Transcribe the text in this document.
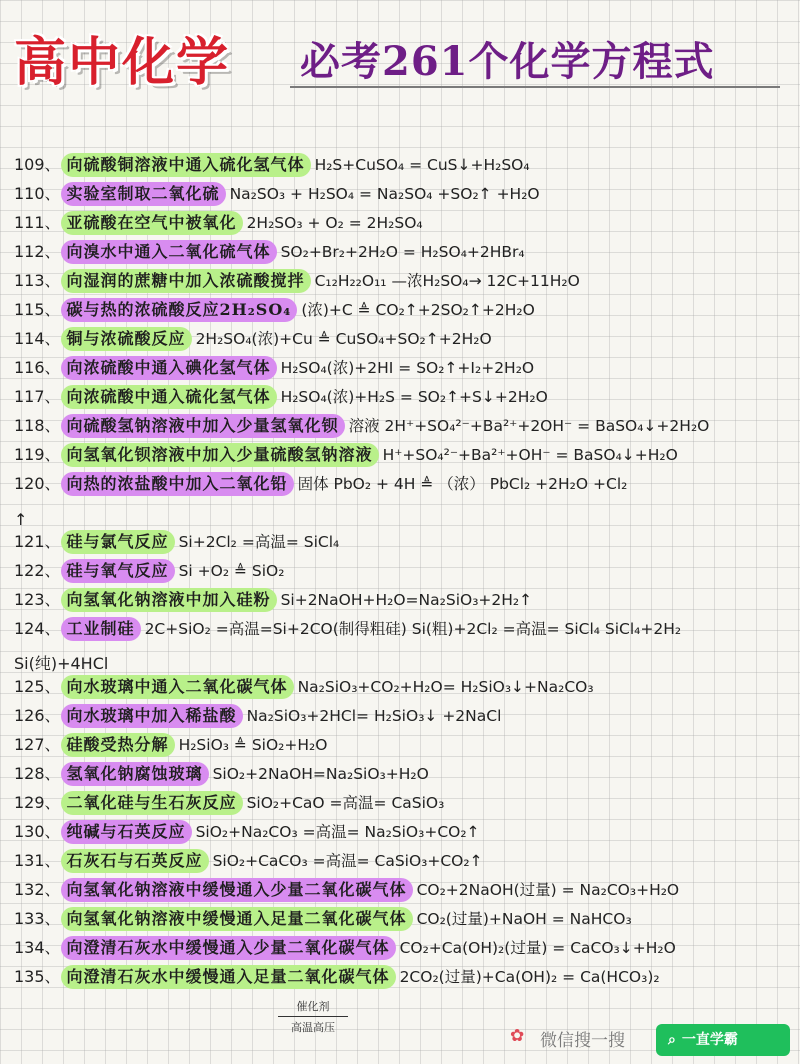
高中化学 必考261个化学方程式
109、 向硫酸铜溶液中通入硫化氢气体 H₂S+CuSO₄ = CuS↓+H₂SO₄
110、 实验室制取二氧化硫 Na₂SO₃ + H₂SO₄ = Na₂SO₄ +SO₂↑ +H₂O
111、 亚硫酸在空气中被氧化 2H₂SO₃ + O₂ = 2H₂SO₄
112、 向溴水中通入二氧化硫气体 SO₂+Br₂+2H₂O = H₂SO₄+2HBr₄
113、 向湿润的蔗糖中加入浓硫酸搅拌 C₁₂H₂₂O₁₁ —浓H₂SO₄→ 12C+11H₂O
115、 碳与热的浓硫酸反应2H₂SO₄ (浓)+C ≜ CO₂↑+2SO₂↑+2H₂O
114、 铜与浓硫酸反应 2H₂SO₄(浓)+Cu ≜ CuSO₄+SO₂↑+2H₂O
116、 向浓硫酸中通入碘化氢气体 H₂SO₄(浓)+2HI = SO₂↑+I₂+2H₂O
117、 向浓硫酸中通入硫化氢气体 H₂SO₄(浓)+H₂S = SO₂↑+S↓+2H₂O
118、 向硫酸氢钠溶液中加入少量氢氧化钡 溶液 2H⁺+SO₄²⁻+Ba²⁺+2OH⁻ = BaSO₄↓+2H₂O
119、 向氢氧化钡溶液中加入少量硫酸氢钠溶液 H⁺+SO₄²⁻+Ba²⁺+OH⁻ = BaSO₄↓+H₂O
120、 向热的浓盐酸中加入二氧化铅 固体 PbO₂ + 4H ≜ （浓） PbCl₂ +2H₂O +Cl₂
121、 硅与氯气反应 Si+2Cl₂ =高温= SiCl₄
122、 硅与氧气反应 Si +O₂ ≜ SiO₂
123、 向氢氧化钠溶液中加入硅粉 Si+2NaOH+H₂O=Na₂SiO₃+2H₂↑
124、 工业制硅 2C+SiO₂ =高温=Si+2CO(制得粗硅) Si(粗)+2Cl₂ =高温= SiCl₄ SiCl₄+2H₂
125、 向水玻璃中通入二氧化碳气体 Na₂SiO₃+CO₂+H₂O= H₂SiO₃↓+Na₂CO₃
126、 向水玻璃中加入稀盐酸 Na₂SiO₃+2HCl= H₂SiO₃↓ +2NaCl
127、 硅酸受热分解 H₂SiO₃ ≜ SiO₂+H₂O
128、 氢氧化钠腐蚀玻璃 SiO₂+2NaOH=Na₂SiO₃+H₂O
129、 二氧化硅与生石灰反应 SiO₂+CaO =高温= CaSiO₃
130、 纯碱与石英反应 SiO₂+Na₂CO₃ =高温= Na₂SiO₃+CO₂↑
131、 石灰石与石英反应 SiO₂+CaCO₃ =高温= CaSiO₃+CO₂↑
132、 向氢氧化钠溶液中缓慢通入少量二氧化碳气体 CO₂+2NaOH(过量) = Na₂CO₃+H₂O
133、 向氢氧化钠溶液中缓慢通入足量二氧化碳气体 CO₂(过量)+NaOH = NaHCO₃
134、 向澄清石灰水中缓慢通入少量二氧化碳气体 CO₂+Ca(OH)₂(过量) = CaCO₃↓+H₂O
135、 向澄清石灰水中缓慢通入足量二氧化碳气体 2CO₂(过量)+Ca(OH)₂ = Ca(HCO₃)₂
↑
Si(纯)+4HCl
催化剂
高温高压	✿ 微信搜一搜	⌕ 一直学霸
